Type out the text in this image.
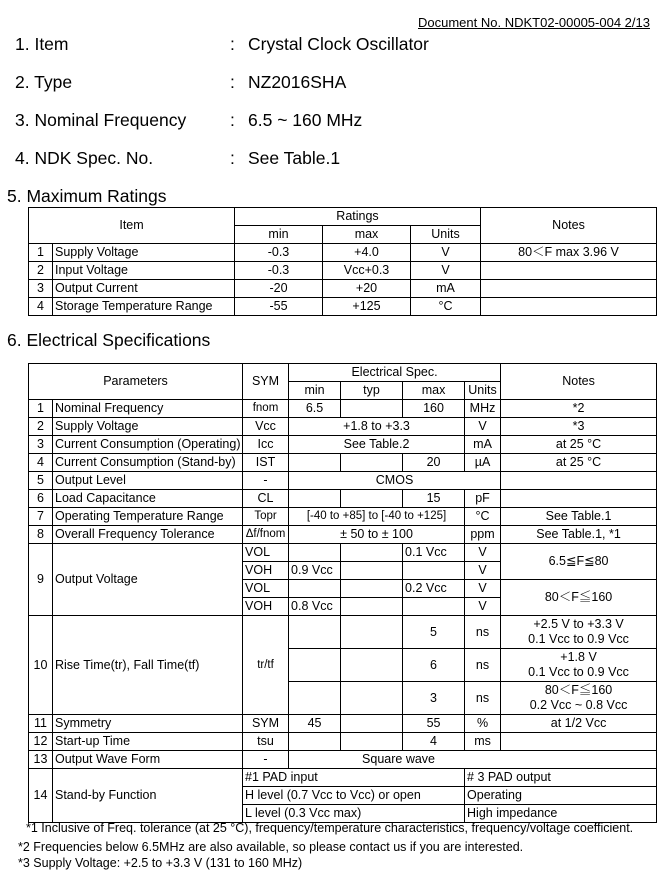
Document No. NDKT02-00005-004 2/13
1. Item	: Crystal Clock Oscillator
2. Type	: NZ2016SHA
3. Nominal Frequency	: 6.5 ~ 160 MHz
4. NDK Spec. No.	: See Table.1
5. Maximum Ratings
Item		Ratings			Notes
		min	max	Units	
1	Supply Voltage	-0.3	+4.0	V	80＜F max 3.96 V
2	Input Voltage	-0.3	Vcc+0.3	V	
3	Output Current	-20	+20	mA	
4	Storage Temperature Range	-55	+125	°C	
6. Electrical Specifications
Parameters		SYM	Electrical Spec.				Notes
			min	typ	max	Units	
1	Nominal Frequency	fnom	6.5		160	MHz	*2
2	Supply Voltage	Vcc	+1.8 to +3.3			V	*3
3	Current Consumption (Operating)	Icc	See Table.2			mA	at 25 °C
4	Current Consumption (Stand-by)	IST			20	µA	at 25 °C
5	Output Level	-	CMOS				
6	Load Capacitance	CL			15	pF	
7	Operating Temperature Range	Topr	[-40 to +85] to [-40 to +125]			°C	See Table.1
8	Overall Frequency Tolerance	Δf/fnom	± 50 to ± 100			ppm	See Table.1, *1
9	Output Voltage	VOL			0.1 Vcc	V	6.5≦F≦80
		VOH	0.9 Vcc			V	
		VOL			0.2 Vcc	V	80＜F≦160
		VOH	0.8 Vcc			V	
10	Rise Time(tr), Fall Time(tf)	tr/tf			5	ns	+2.5 V to +3.3 V
0.1 Vcc to 0.9 Vcc

					6	ns	+1.8 V
0.1 Vcc to 0.9 Vcc

					3	ns	80＜F≦160
0.2 Vcc ~ 0.8 Vcc

11	Symmetry	SYM	45		55	%	at 1/2 Vcc
12	Start-up Time	tsu			4	ms	
13	Output Wave Form	-	Square wave				
14	Stand-by Function	#1 PAD input				# 3 PAD output	
		H level (0.7 Vcc to Vcc) or open				Operating	
		L level (0.3 Vcc max)				High impedance	
*1 Inclusive of Freq. tolerance (at 25 °C), frequency/temperature characteristics, frequency/voltage coefficient.
*2 Frequencies below 6.5MHz are also available, so please contact us if you are interested.
*3 Supply Voltage: +2.5 to +3.3 V (131 to 160 MHz)
